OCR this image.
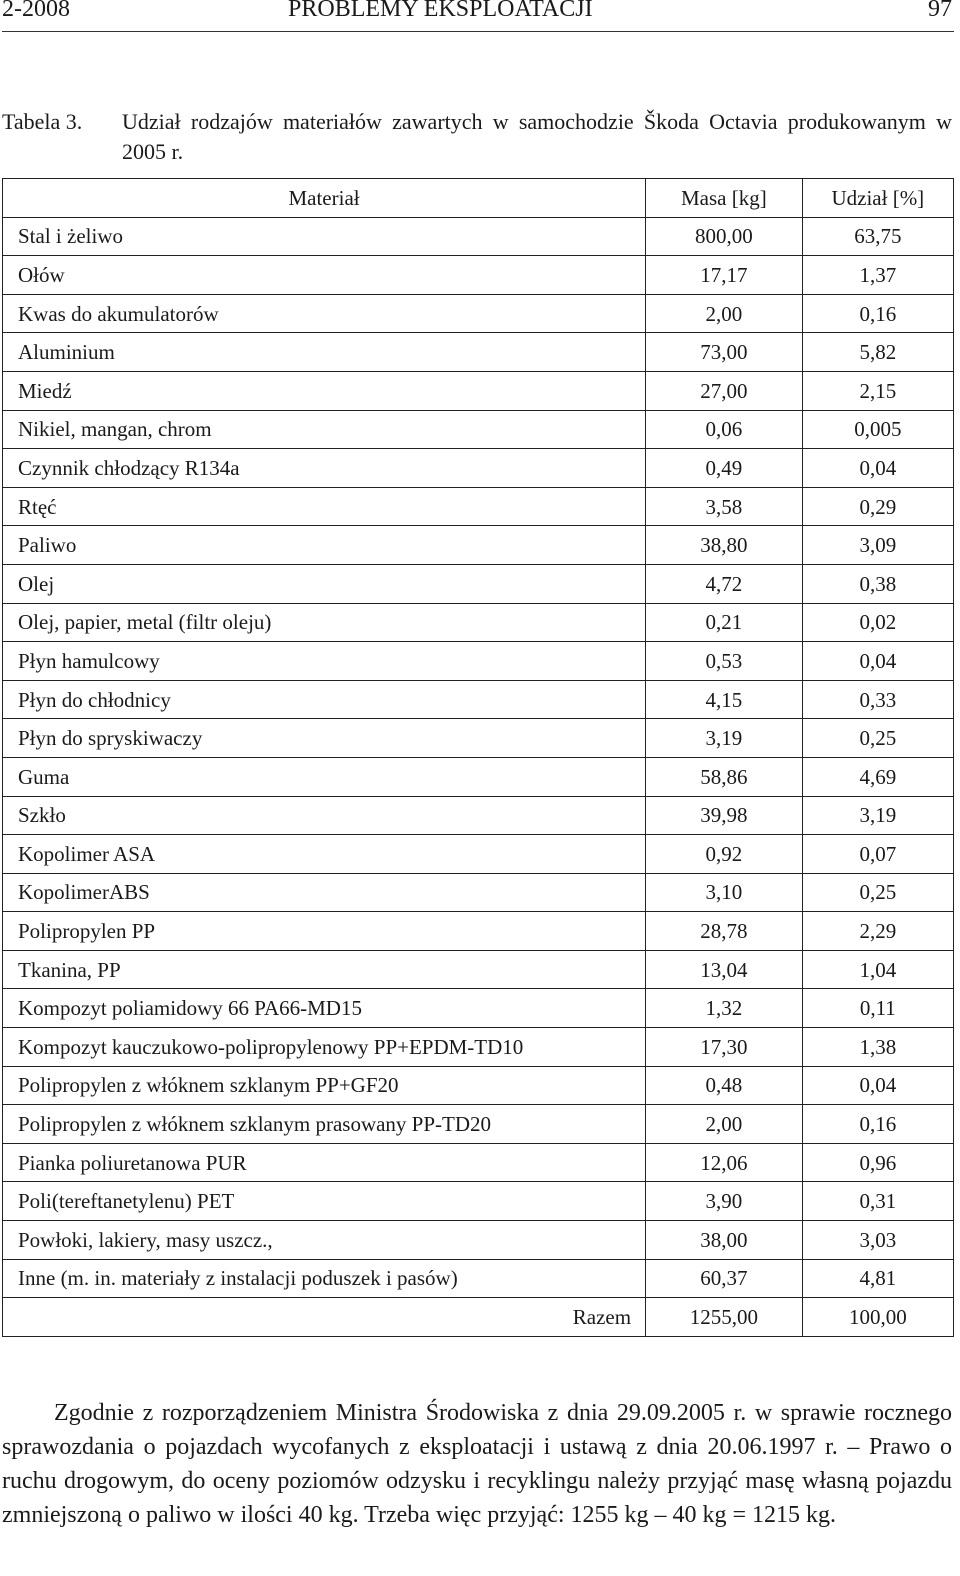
2-2008	PROBLEMY EKSPLOATACJI	97
Tabela 3. Udział rodzajów materiałów zawartych w samochodzie Škoda Octavia produkowanym w 2005 r.
Materiał	Masa [kg]	Udział [%]
Stal i żeliwo	800,00	63,75
Ołów	17,17	1,37
Kwas do akumulatorów	2,00	0,16
Aluminium	73,00	5,82
Miedź	27,00	2,15
Nikiel, mangan, chrom	0,06	0,005
Czynnik chłodzący R134a	0,49	0,04
Rtęć	3,58	0,29
Paliwo	38,80	3,09
Olej	4,72	0,38
Olej, papier, metal (filtr oleju)	0,21	0,02
Płyn hamulcowy	0,53	0,04
Płyn do chłodnicy	4,15	0,33
Płyn do spryskiwaczy	3,19	0,25
Guma	58,86	4,69
Szkło	39,98	3,19
Kopolimer ASA	0,92	0,07
KopolimerABS	3,10	0,25
Polipropylen PP	28,78	2,29
Tkanina, PP	13,04	1,04
Kompozyt poliamidowy 66 PA66-MD15	1,32	0,11
Kompozyt kauczukowo-polipropylenowy PP+EPDM-TD10	17,30	1,38
Polipropylen z włóknem szklanym PP+GF20	0,48	0,04
Polipropylen z włóknem szklanym prasowany PP-TD20	2,00	0,16
Pianka poliuretanowa PUR	12,06	0,96
Poli(tereftanetylenu) PET	3,90	0,31
Powłoki, lakiery, masy uszcz.,	38,00	3,03
Inne (m. in. materiały z instalacji poduszek i pasów)	60,37	4,81
Razem	1255,00	100,00

Zgodnie z rozporządzeniem Ministra Środowiska z dnia 29.09.2005 r. w sprawie rocznego sprawozdania o pojazdach wycofanych z eksploatacji i ustawą z dnia 20.06.1997 r. – Prawo o ruchu drogowym, do oceny poziomów odzysku i recyklingu należy przyjąć masę własną pojazdu zmniejszoną o paliwo w ilości 40 kg. Trzeba więc przyjąć: 1255 kg – 40 kg = 1215 kg.
